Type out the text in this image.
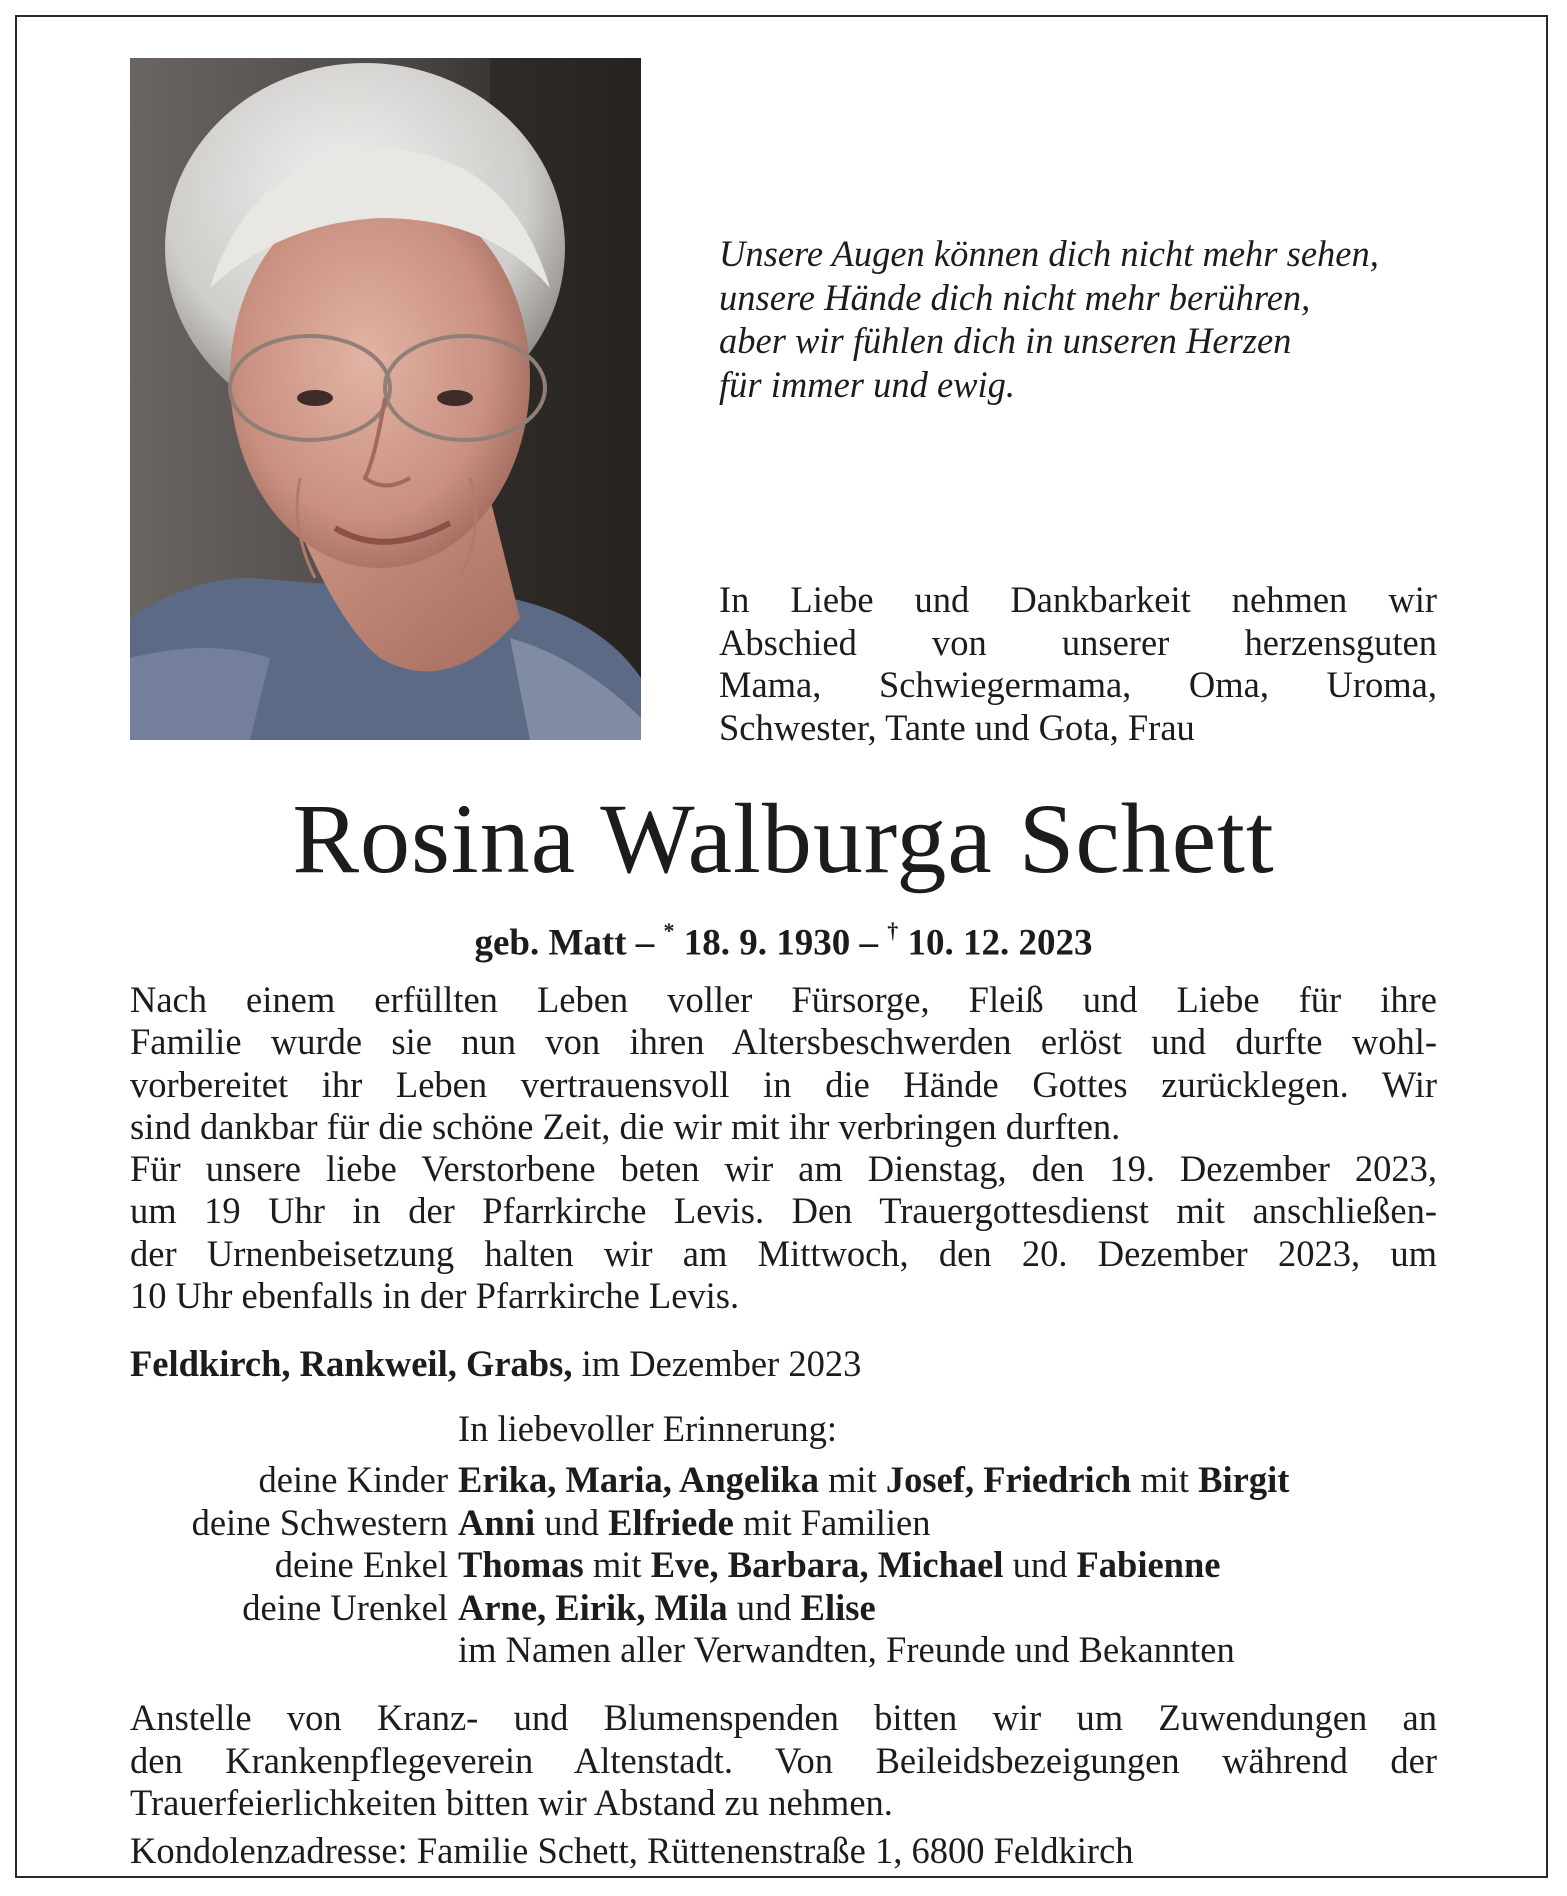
Unsere Augen können dich nicht mehr sehen,
unsere Hände dich nicht mehr berühren,
aber wir fühlen dich in unseren Herzen
für immer und ewig.
In Liebe und Dankbarkeit nehmen wir
Abschied von unserer herzensguten
Mama, Schwiegermama, Oma, Uroma,
Schwester, Tante und Gota, Frau
Rosina Walburga Schett
geb. Matt – * 18. 9. 1930 – † 10. 12. 2023
Nach einem erfüllten Leben voller Fürsorge, Fleiß und Liebe für ihre
Familie wurde sie nun von ihren Altersbeschwerden erlöst und durfte wohl-
vorbereitet ihr Leben vertrauensvoll in die Hände Gottes zurücklegen. Wir
sind dankbar für die schöne Zeit, die wir mit ihr verbringen durften.
Für unsere liebe Verstorbene beten wir am Dienstag, den 19. Dezember 2023,
um 19 Uhr in der Pfarrkirche Levis. Den Trauergottesdienst mit anschließen-
der Urnenbeisetzung halten wir am Mittwoch, den 20. Dezember 2023, um
10 Uhr ebenfalls in der Pfarrkirche Levis.
Feldkirch, Rankweil, Grabs, im Dezember 2023
In liebevoller Erinnerung:
deine Kinder Erika, Maria, Angelika mit Josef, Friedrich mit Birgit
deine Schwestern Anni und Elfriede mit Familien
deine Enkel Thomas mit Eve, Barbara, Michael und Fabienne
deine Urenkel Arne, Eirik, Mila und Elise
im Namen aller Verwandten, Freunde und Bekannten
Anstelle von Kranz- und Blumenspenden bitten wir um Zuwendungen an
den Krankenpflegeverein Altenstadt. Von Beileidsbezeigungen während der
Trauerfeierlichkeiten bitten wir Abstand zu nehmen.
Kondolenzadresse: Familie Schett, Rüttenenstraße 1, 6800 Feldkirch
